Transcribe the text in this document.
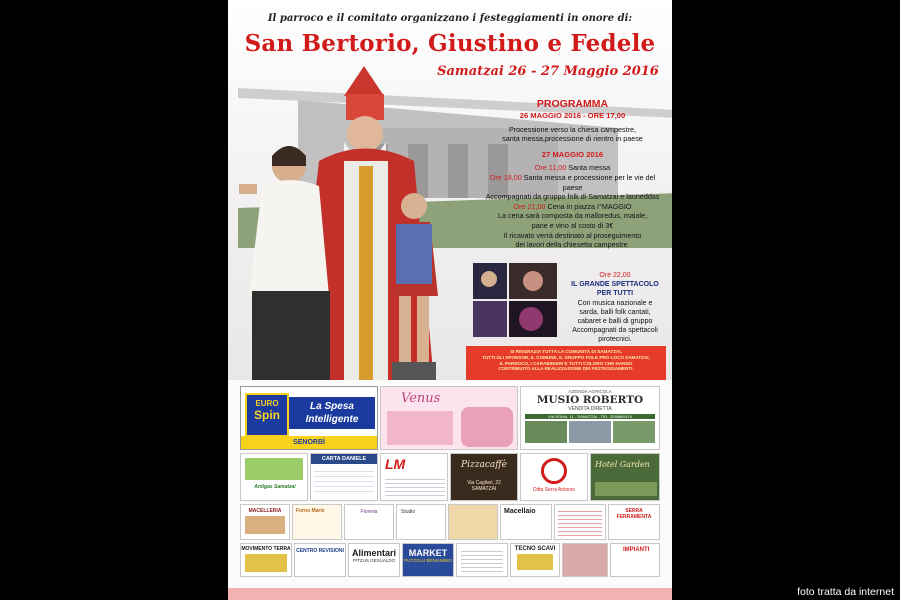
Il parroco e il comitato organizzano i festeggiamenti in onore di:
San Bertorio, Giustino e Fedele
Samatzai 26 - 27 Maggio 2016

PROGRAMMA

26 MAGGIO 2016 - ORE 17,00

Processione verso la chiesa campestre,

santa messa,processione di rientro in paese

27 MAGGIO 2016

Ore 11,00 Santa messa

Ore 18,00 Santa messa e processione per le vie del paese

Accompagnati da gruppo folk di Samatzai e launeddas

Ore 21,00 Cena in piazza I°MAGGIO

La cena sarà composta da malloredus, maiale,

pane e vino al costo di 3€

Il ricavato verrà destinato al proseguimento

dei lavori della chiesetta campestre.

Ore 22,00
IL GRANDE SPETTACOLO
PER TUTTI
Con musica nazionale e
sarda, balli folk cantati,
cabaret e balli di gruppo
Accompagnati da spettacoli
pirotecnici.
SI RINGRAZIA TUTTA LA COMUNITÀ DI SAMATZAI,
TUTTI GLI SPONSOR, IL COMUNE, IL GRUPPO FOLK PRO LOCO SAMATZAI,
IL PARROCO, I CARABINIERI E TUTTI COLORO CHE HANNO
CONTRIBUITO ALLA REALIZZAZIONE DEI FESTEGGIAMENTI.
EURO
Spin
La Spesa
Intelligente
SENORBÌ
Venus	AZIENDA AGRICOLA
MUSIO ROBERTO
VENDITA DIRETTA
VIA ROMA, 11 - SAMATZAI - TEL. 3298869110
Antigas Samatzai
CARTA DANIELE	LM	Pizzacaffè
Via Cagliari, 22
SAMATZAI	Ditta Serra Antonio
Hotel Garden
MACELLERIA	Forno Marie	Fioreria	Studio	Macellaio	SERRA FERRAMENTA
MOVIMENTO TERRA CENTRO REVISIONI Alimentari
PITZUS GESUALDO
MARKET
PUTZOLU BENIAMINO
TECNO SCAVI	IMPIANTI
foto tratta da internet
